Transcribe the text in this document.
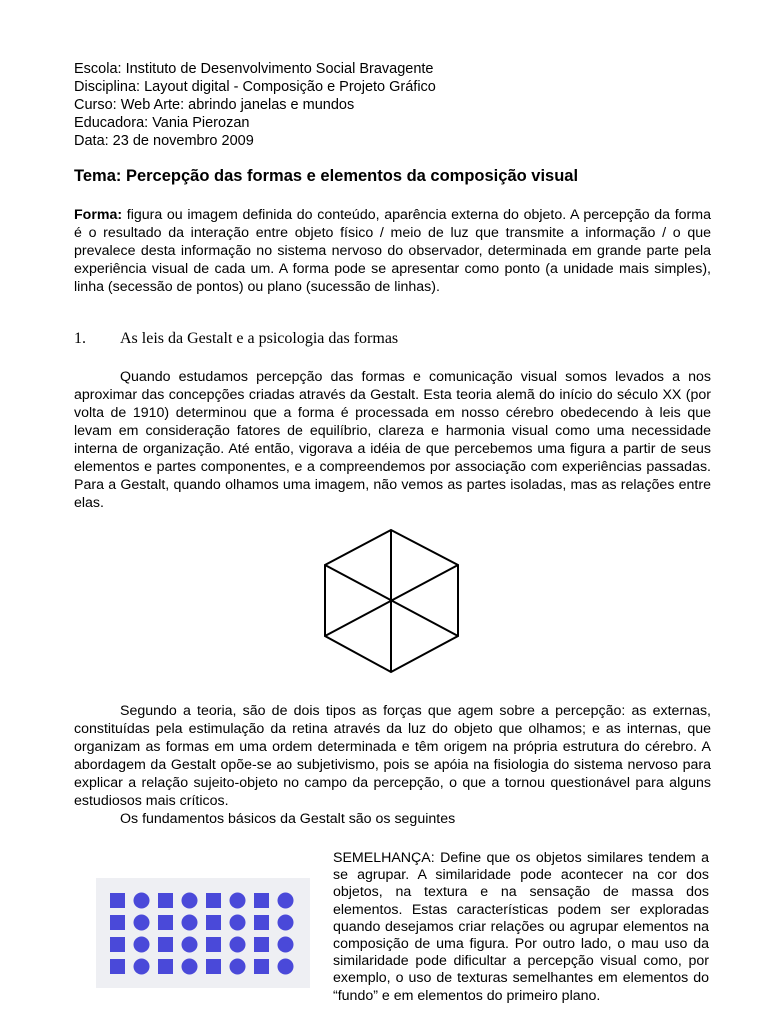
Escola: Instituto de Desenvolvimento Social Bravagente
Disciplina: Layout digital - Composição e Projeto Gráfico
Curso: Web Arte: abrindo janelas e mundos
Educadora: Vania Pierozan
Data: 23 de novembro 2009
Tema: Percepção das formas e elementos da composição visual

Forma: figura ou imagem definida do conteúdo, aparência externa do objeto. A percepção da forma é o resultado da interação entre objeto físico / meio de luz que transmite a informação / o que prevalece desta informação no sistema nervoso do observador, determinada em grande parte pela experiência visual de cada um. A forma pode se apresentar como ponto (a unidade mais simples), linha (secessão de pontos) ou plano (sucessão de linhas).

1. As leis da Gestalt e a psicologia das formas

Quando estudamos percepção das formas e comunicação visual somos levados a nos aproximar das concepções criadas através da Gestalt. Esta teoria alemã do início do século XX (por volta de 1910) determinou que a forma é processada em nosso cérebro obedecendo à leis que levam em consideração fatores de equilíbrio, clareza e harmonia visual como uma necessidade interna de organização. Até então, vigorava a idéia de que percebemos uma figura a partir de seus elementos e partes componentes, e a compreendemos por associação com experiências passadas. Para a Gestalt, quando olhamos uma imagem, não vemos as partes isoladas, mas as relações entre elas.

Segundo a teoria, são de dois tipos as forças que agem sobre a percepção: as externas, constituídas pela estimulação da retina através da luz do objeto que olhamos; e as internas, que organizam as formas em uma ordem determinada e têm origem na própria estrutura do cérebro. A abordagem da Gestalt opõe-se ao subjetivismo, pois se apóia na fisiologia do sistema nervoso para explicar a relação sujeito-objeto no campo da percepção, o que a tornou questionável para alguns estudiosos mais críticos.

Os fundamentos básicos da Gestalt são os seguintes

SEMELHANÇA: Define que os objetos similares tendem a se agrupar. A similaridade pode acontecer na cor dos objetos, na textura e na sensação de massa dos elementos. Estas características podem ser exploradas quando desejamos criar relações ou agrupar elementos na composição de uma figura. Por outro lado, o mau uso da similaridade pode dificultar a percepção visual como, por exemplo, o uso de texturas semelhantes em elementos do “fundo” e em elementos do primeiro plano.
